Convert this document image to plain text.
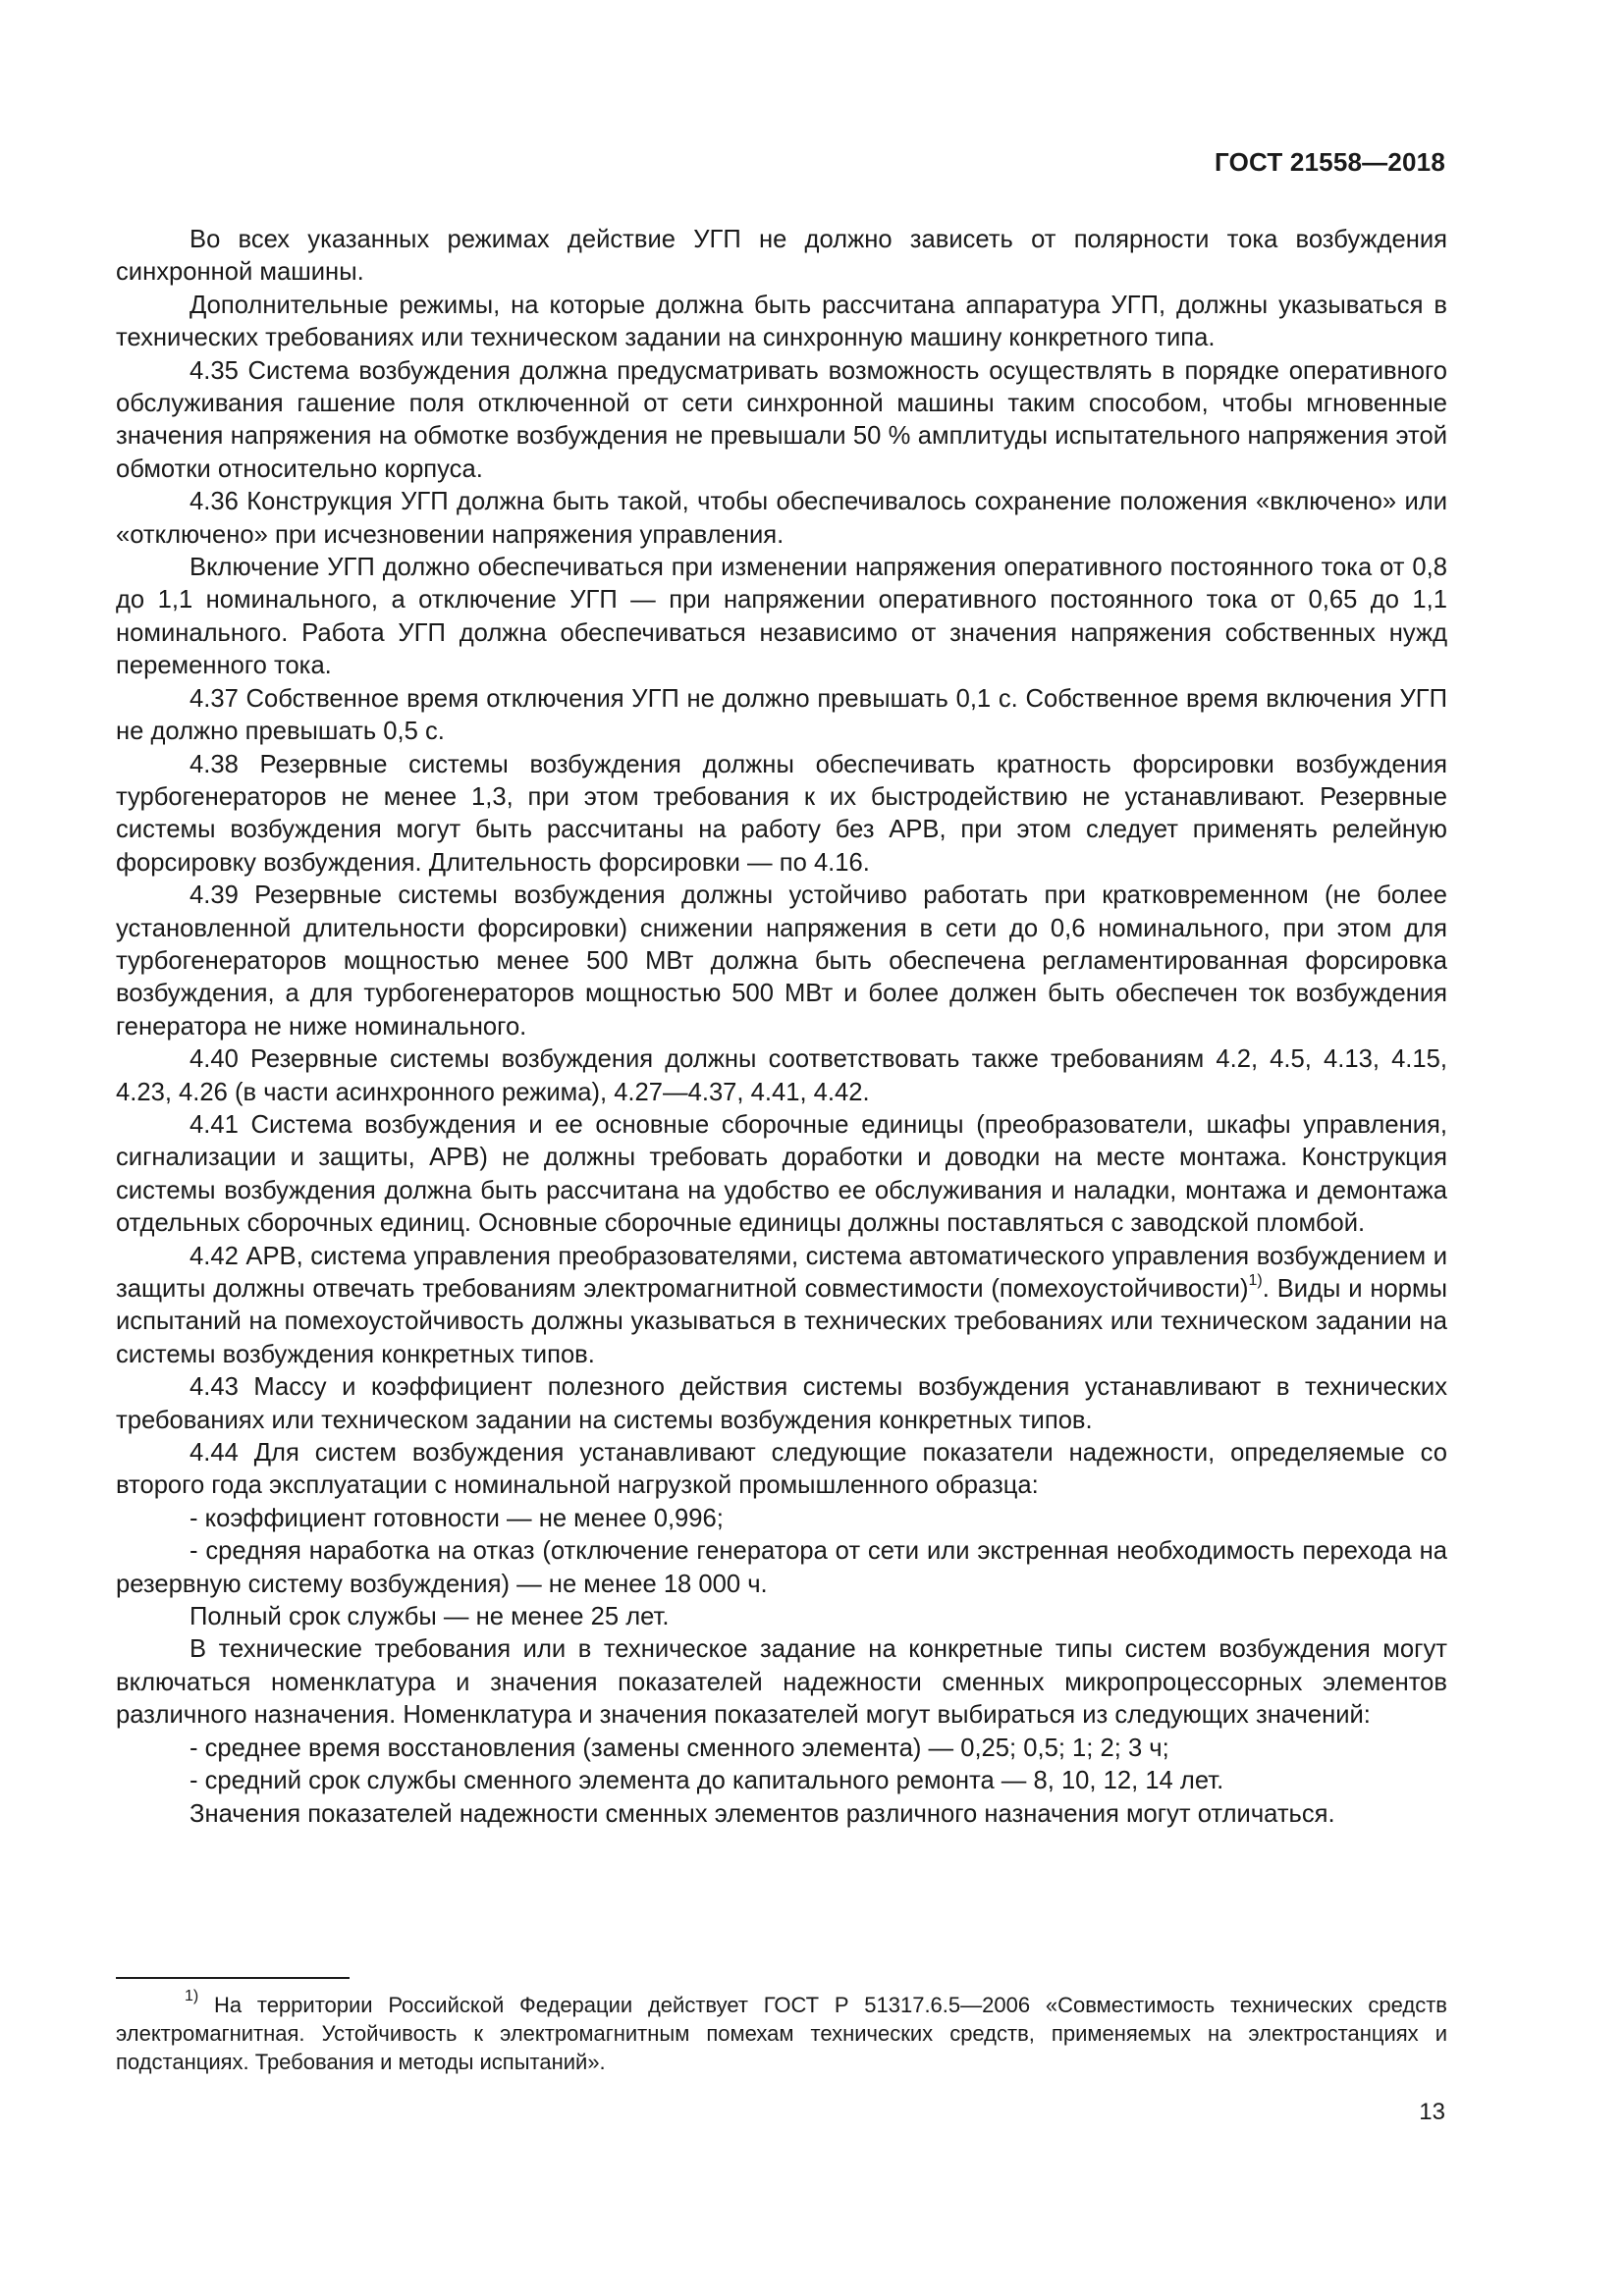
ГОСТ 21558—2018

Во всех указанных режимах действие УГП не должно зависеть от полярности тока возбуждения синхронной машины.

Дополнительные режимы, на которые должна быть рассчитана аппаратура УГП, должны указываться в технических требованиях или техническом задании на синхронную машину конкретного типа.

4.35 Система возбуждения должна предусматривать возможность осуществлять в порядке оперативного обслуживания гашение поля отключенной от сети синхронной машины таким способом, чтобы мгновенные значения напряжения на обмотке возбуждения не превышали 50 % амплитуды испытательного напряжения этой обмотки относительно корпуса.

4.36 Конструкция УГП должна быть такой, чтобы обеспечивалось сохранение положения «включено» или «отключено» при исчезновении напряжения управления.

Включение УГП должно обеспечиваться при изменении напряжения оперативного постоянного тока от 0,8 до 1,1 номинального, а отключение УГП — при напряжении оперативного постоянного тока от 0,65 до 1,1 номинального. Работа УГП должна обеспечиваться независимо от значения напряжения собственных нужд переменного тока.

4.37 Собственное время отключения УГП не должно превышать 0,1 с. Собственное время включения УГП не должно превышать 0,5 с.

4.38 Резервные системы возбуждения должны обеспечивать кратность форсировки возбуждения турбогенераторов не менее 1,3, при этом требования к их быстродействию не устанавливают. Резервные системы возбуждения могут быть рассчитаны на работу без АРВ, при этом следует применять релейную форсировку возбуждения. Длительность форсировки — по 4.16.

4.39 Резервные системы возбуждения должны устойчиво работать при кратковременном (не более установленной длительности форсировки) снижении напряжения в сети до 0,6 номинального, при этом для турбогенераторов мощностью менее 500 МВт должна быть обеспечена регламентированная форсировка возбуждения, а для турбогенераторов мощностью 500 МВт и более должен быть обеспечен ток возбуждения генератора не ниже номинального.

4.40 Резервные системы возбуждения должны соответствовать также требованиям 4.2, 4.5, 4.13, 4.15, 4.23, 4.26 (в части асинхронного режима), 4.27—4.37, 4.41, 4.42.

4.41 Система возбуждения и ее основные сборочные единицы (преобразователи, шкафы управления, сигнализации и защиты, АРВ) не должны требовать доработки и доводки на месте монтажа. Конструкция системы возбуждения должна быть рассчитана на удобство ее обслуживания и наладки, монтажа и демонтажа отдельных сборочных единиц. Основные сборочные единицы должны поставляться с заводской пломбой.

4.42 АРВ, система управления преобразователями, система автоматического управления возбуждением и защиты должны отвечать требованиям электромагнитной совместимости (помехоустойчивости)$^{1)}$. Виды и нормы испытаний на помехоустойчивость должны указываться в технических требованиях или техническом задании на системы возбуждения конкретных типов.

4.43 Массу и коэффициент полезного действия системы возбуждения устанавливают в технических требованиях или техническом задании на системы возбуждения конкретных типов.

4.44 Для систем возбуждения устанавливают следующие показатели надежности, определяемые со второго года эксплуатации с номинальной нагрузкой промышленного образца:

- коэффициент готовности — не менее 0,996;

- средняя наработка на отказ (отключение генератора от сети или экстренная необходимость перехода на резервную систему возбуждения) — не менее 18 000 ч.

Полный срок службы — не менее 25 лет.

В технические требования или в техническое задание на конкретные типы систем возбуждения могут включаться номенклатура и значения показателей надежности сменных микропроцессорных элементов различного назначения. Номенклатура и значения показателей могут выбираться из следующих значений:

- среднее время восстановления (замены сменного элемента) — 0,25; 0,5; 1; 2; 3 ч;

- средний срок службы сменного элемента до капитального ремонта — 8, 10, 12, 14 лет.

Значения показателей надежности сменных элементов различного назначения могут отличаться.

$^{1)}$ На территории Российской Федерации действует ГОСТ Р 51317.6.5—2006 «Совместимость технических средств электромагнитная. Устойчивость к электромагнитным помехам технических средств, применяемых на электростанциях и подстанциях. Требования и методы испытаний».

13
